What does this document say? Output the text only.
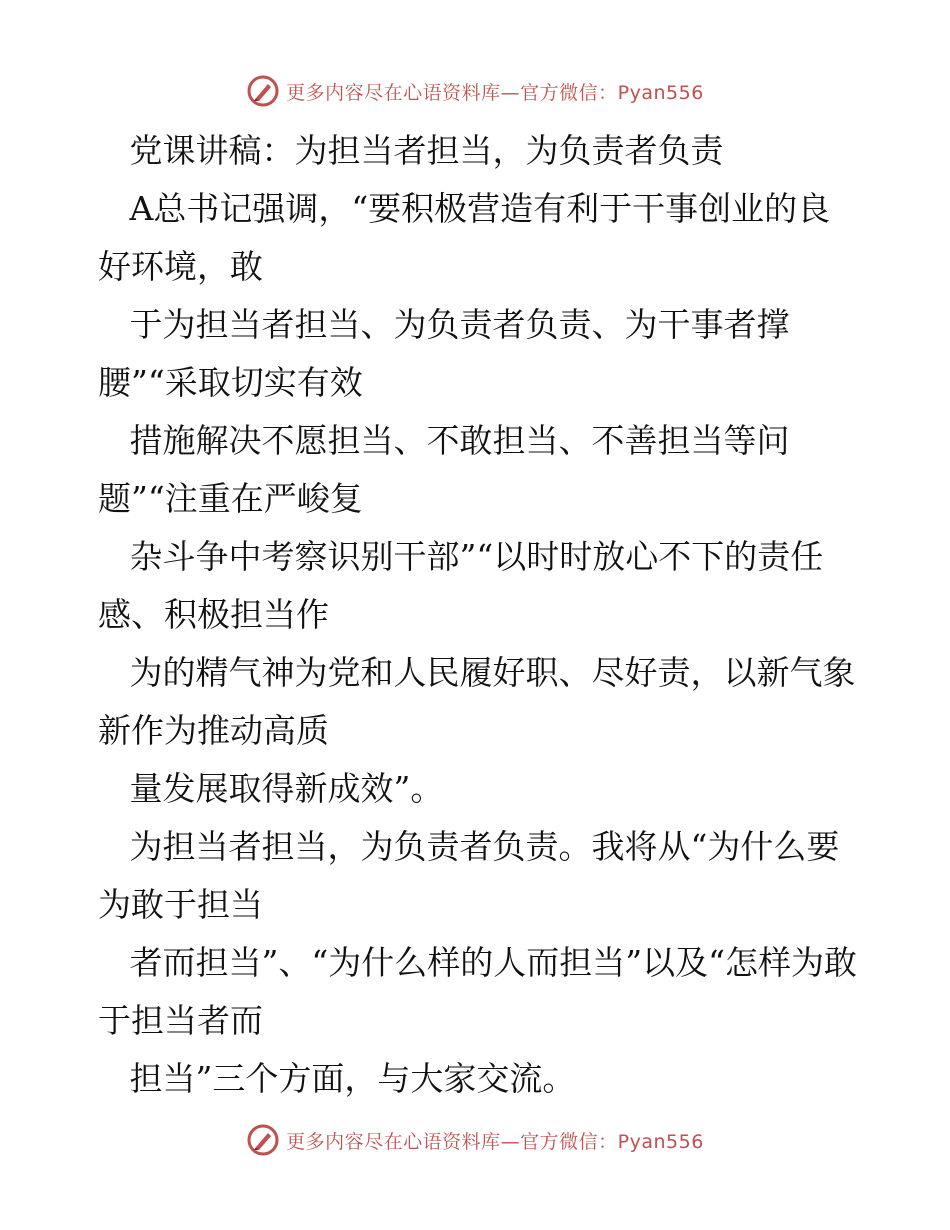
更多内容尽在心语资料库—官方微信：Pyan556

党课讲稿：为担当者担当，为负责者负责

A总书记强调，“要积极营造有利于干事创业的良好环境，敢

于为担当者担当、为负责者负责、为干事者撑腰”“采取切实有效

措施解决不愿担当、不敢担当、不善担当等问题”“注重在严峻复

杂斗争中考察识别干部”“以时时放心不下的责任感、积极担当作

为的精气神为党和人民履好职、尽好责，以新气象新作为推动高质

量发展取得新成效”。

为担当者担当，为负责者负责。我将从“为什么要为敢于担当

者而担当”、“为什么样的人而担当”以及“怎样为敢于担当者而

担当”三个方面，与大家交流。

更多内容尽在心语资料库—官方微信：Pyan556
